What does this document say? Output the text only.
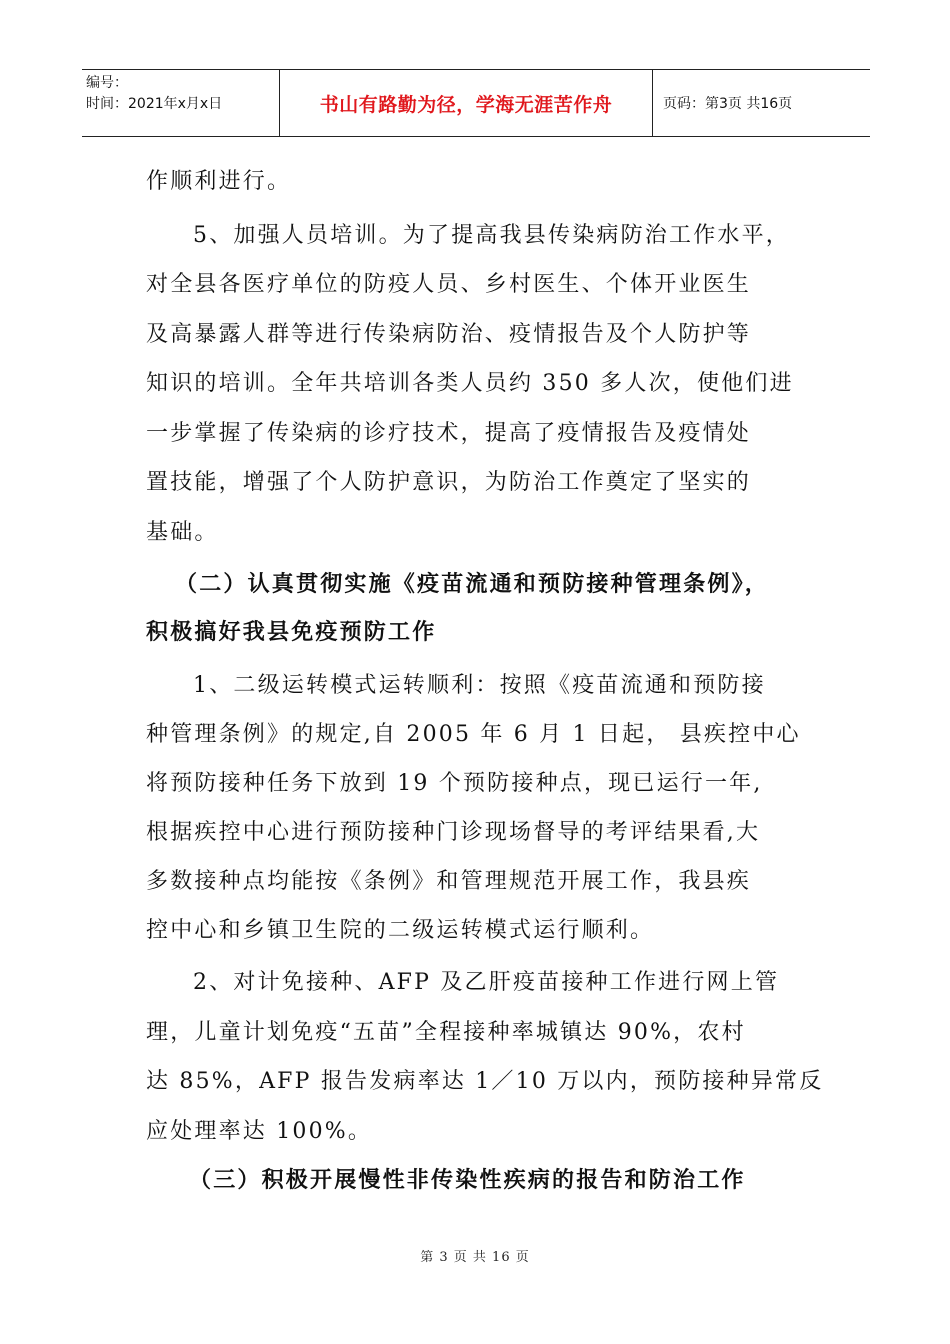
编号：
时间：2021年x月x日	书山有路勤为径，学海无涯苦作舟	页码：第3页 共16页
作顺利进行。
5、加强人员培训。为了提高我县传染病防治工作水平，
对全县各医疗单位的防疫人员、乡村医生、个体开业医生
及高暴露人群等进行传染病防治、疫情报告及个人防护等
知识的培训。全年共培训各类人员约 350 多人次，使他们进
一步掌握了传染病的诊疗技术，提高了疫情报告及疫情处
置技能，增强了个人防护意识，为防治工作奠定了坚实的
基础。
（二）认真贯彻实施《疫苗流通和预防接种管理条例》，
积极搞好我县免疫预防工作
1、二级运转模式运转顺利：按照《疫苗流通和预防接
种管理条例》的规定,自 2005 年 6 月 1 日起， 县疾控中心
将预防接种任务下放到 19 个预防接种点，现已运行一年,
根据疾控中心进行预防接种门诊现场督导的考评结果看,大
多数接种点均能按《条例》和管理规范开展工作，我县疾
控中心和乡镇卫生院的二级运转模式运行顺利。
2、对计免接种、AFP 及乙肝疫苗接种工作进行网上管
理，儿童计划免疫“五苗”全程接种率城镇达 90%，农村
达 85%，AFP 报告发病率达 1／10 万以内，预防接种异常反
应处理率达 100%。
（三）积极开展慢性非传染性疾病的报告和防治工作
第 3 页 共 16 页
